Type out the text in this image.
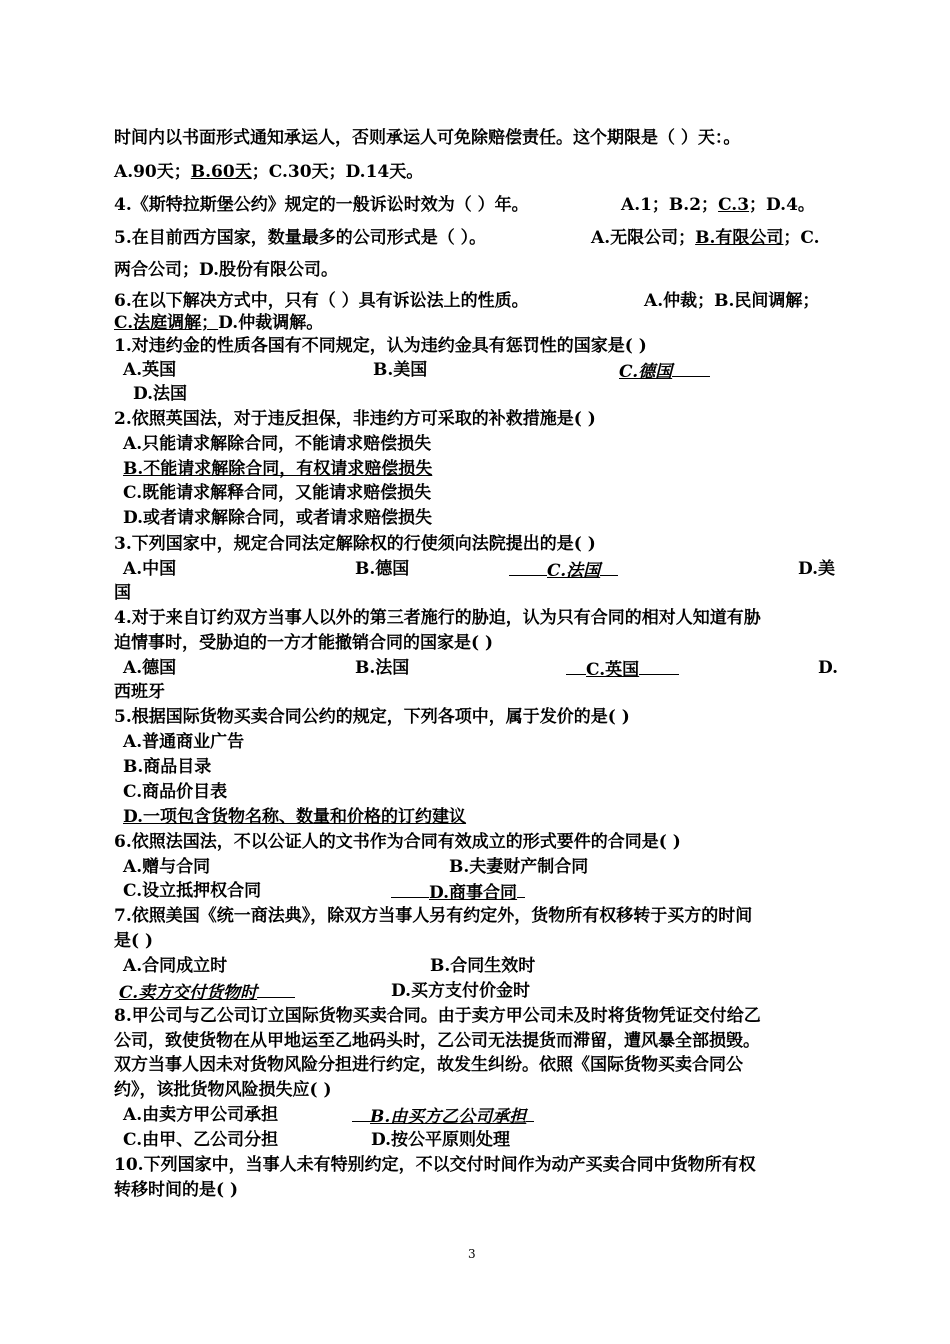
时间内以书面形式通知承运人，否则承运人可免除赔偿责任。这个期限是（ ）天：。
A.90天；B.60天；C.30天；D.14天。
4.《斯特拉斯堡公约》规定的一般诉讼时效为（ ）年。	A.1；B.2；C.3；D.4。
5.在目前西方国家，数量最多的公司形式是（ ）。	A.无限公司；B.有限公司；C.
两合公司；D.股份有限公司。
6.在以下解决方式中，只有（ ）具有诉讼法上的性质。	A.仲裁；B.民间调解；
C.法庭调解；D.仲裁调解。
1.对违约金的性质各国有不同规定，认为违约金具有惩罚性的国家是( )
A.英国	B.美国	C.德国
D.法国
2.依照英国法，对于违反担保，非违约方可采取的补救措施是( )
A.只能请求解除合同，不能请求赔偿损失
B.不能请求解除合同，有权请求赔偿损失
C.既能请求解释合同，又能请求赔偿损失
D.或者请求解除合同，或者请求赔偿损失
3.下列国家中，规定合同法定解除权的行使须向法院提出的是( )
A.中国	B.德国	C.法国	D.美
国
4.对于来自订约双方当事人以外的第三者施行的胁迫，认为只有合同的相对人知道有胁
迫情事时，受胁迫的一方才能撤销合同的国家是( )
A.德国	B.法国	C.英国	D.
西班牙
5.根据国际货物买卖合同公约的规定，下列各项中，属于发价的是( )
A.普通商业广告
B.商品目录
C.商品价目表
D.一项包含货物名称、数量和价格的订约建议
6.依照法国法，不以公证人的文书作为合同有效成立的形式要件的合同是( )
A.赠与合同	B.夫妻财产制合同
C.设立抵押权合同	D.商事合同
7.依照美国《统一商法典》，除双方当事人另有约定外，货物所有权移转于买方的时间
是( )
A.合同成立时	B.合同生效时
C.卖方交付货物时	D.买方支付价金时
8.甲公司与乙公司订立国际货物买卖合同。由于卖方甲公司未及时将货物凭证交付给乙
公司，致使货物在从甲地运至乙地码头时，乙公司无法提货而滞留，遭风暴全部损毁。
双方当事人因未对货物风险分担进行约定，故发生纠纷。依照《国际货物买卖合同公
约》，该批货物风险损失应( )
A.由卖方甲公司承担	B.由买方乙公司承担
C.由甲、乙公司分担	D.按公平原则处理
10.下列国家中，当事人未有特别约定，不以交付时间作为动产买卖合同中货物所有权
转移时间的是( )
3
